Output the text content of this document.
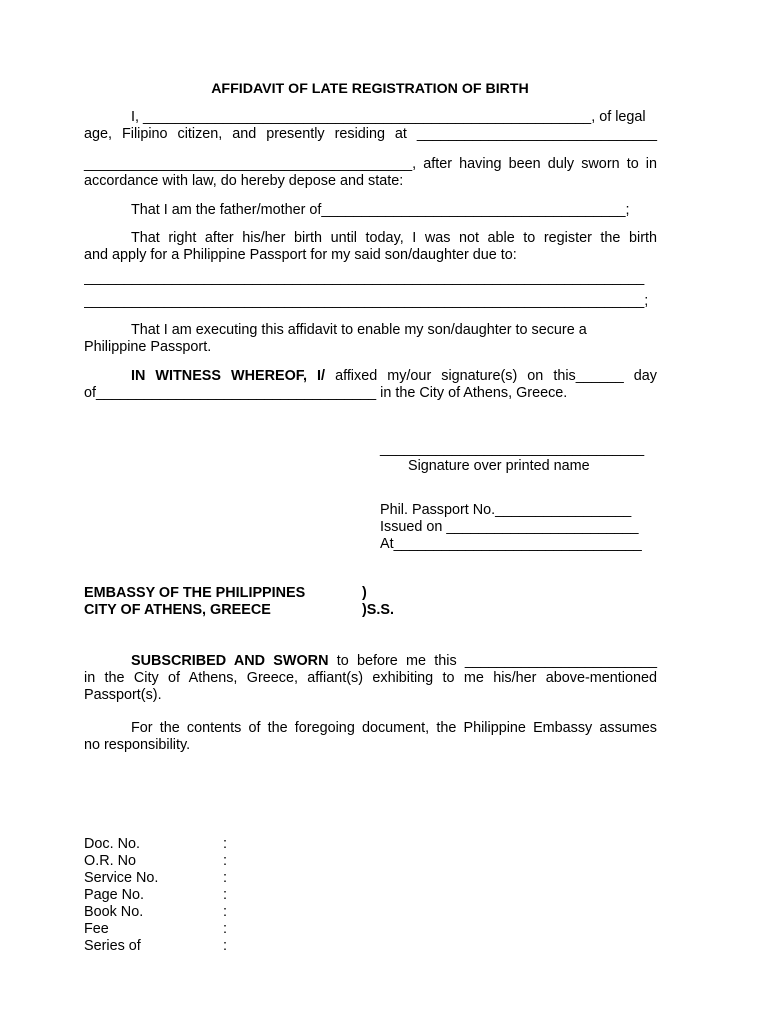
AFFIDAVIT OF LATE REGISTRATION OF BIRTH
I, ________________________________________________________, of legal
age, Filipino citizen, and presently residing at ______________________________
_________________________________________, after having been duly sworn to in
accordance with law, do hereby depose and state:
That I am the father/mother of______________________________________;
That right after his/her birth until today, I was not able to register the birth
and apply for a Philippine Passport for my said son/daughter due to:
______________________________________________________________________
______________________________________________________________________;
That I am executing this affidavit to enable my son/daughter to secure a
Philippine Passport.
IN WITNESS WHEREOF, I/ affixed my/our signature(s) on this______ day
of___________________________________ in the City of Athens, Greece.
_________________________________
Signature over printed name
Phil. Passport No._________________
Issued on ________________________
At_______________________________
EMBASSY OF THE PHILIPPINES	)
CITY OF ATHENS, GREECE	)S.S.
SUBSCRIBED AND SWORN to before me this ________________________
in the City of Athens, Greece, affiant(s) exhibiting to me his/her above-mentioned
Passport(s).
For the contents of the foregoing document, the Philippine Embassy assumes
no responsibility.
Doc. No.	:
O.R. No	:
Service No.	:
Page No.	:
Book No.	:
Fee	:
Series of	:
